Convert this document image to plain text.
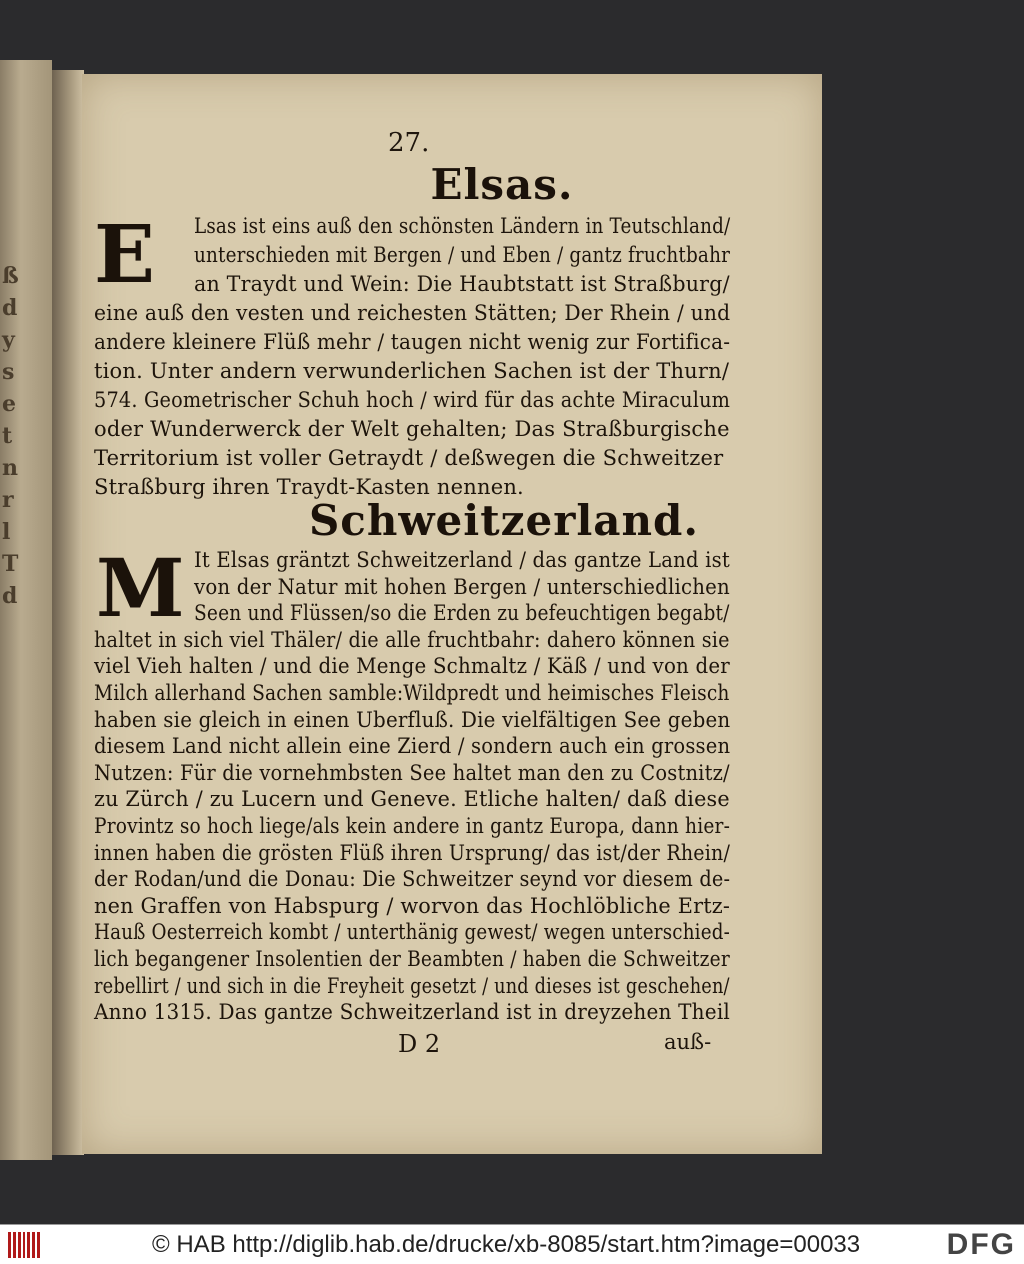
ß
d
y
s
e
t
n
r
l
T
d
27.
Elsas.
E Lsas ist eins auß den schönsten Ländern in Teutschland/
unterschieden mit Bergen / und Eben / gantz fruchtbahr
an Traydt und Wein: Die Haubtstatt ist Straßburg/
eine auß den vesten und reichesten Stätten; Der Rhein / und
andere kleinere Flüß mehr / taugen nicht wenig zur Fortifica-
tion. Unter andern verwunderlichen Sachen ist der Thurn/
574. Geometrischer Schuh hoch / wird für das achte Miraculum
oder Wunderwerck der Welt gehalten; Das Straßburgische
Territorium ist voller Getraydt / deßwegen die Schweitzer
Straßburg ihren Traydt-Kasten nennen.
Schweitzerland.
M It Elsas gräntzt Schweitzerland / das gantze Land ist
von der Natur mit hohen Bergen / unterschiedlichen
Seen und Flüssen/so die Erden zu befeuchtigen begabt/
haltet in sich viel Thäler/ die alle fruchtbahr: dahero können sie
viel Vieh halten / und die Menge Schmaltz / Käß / und von der
Milch allerhand Sachen samble:Wildpredt und heimisches Fleisch
haben sie gleich in einen Uberfluß. Die vielfältigen See geben
diesem Land nicht allein eine Zierd / sondern auch ein grossen
Nutzen: Für die vornehmbsten See haltet man den zu Costnitz/
zu Zürch / zu Lucern und Geneve. Etliche halten/ daß diese
Provintz so hoch liege/als kein andere in gantz Europa, dann hier-
innen haben die grösten Flüß ihren Ursprung/ das ist/der Rhein/
der Rodan/und die Donau: Die Schweitzer seynd vor diesem de-
nen Graffen von Habspurg / worvon das Hochlöbliche Ertz-
Hauß Oesterreich kombt / unterthänig gewest/ wegen unterschied-
lich begangener Insolentien der Beambten / haben die Schweitzer
rebellirt / und sich in die Freyheit gesetzt / und dieses ist geschehen/
Anno 1315. Das gantze Schweitzerland ist in dreyzehen Theil
D 2	auß-
© HAB http://diglib.hab.de/drucke/xb-8085/start.htm?image=00033	DFG
